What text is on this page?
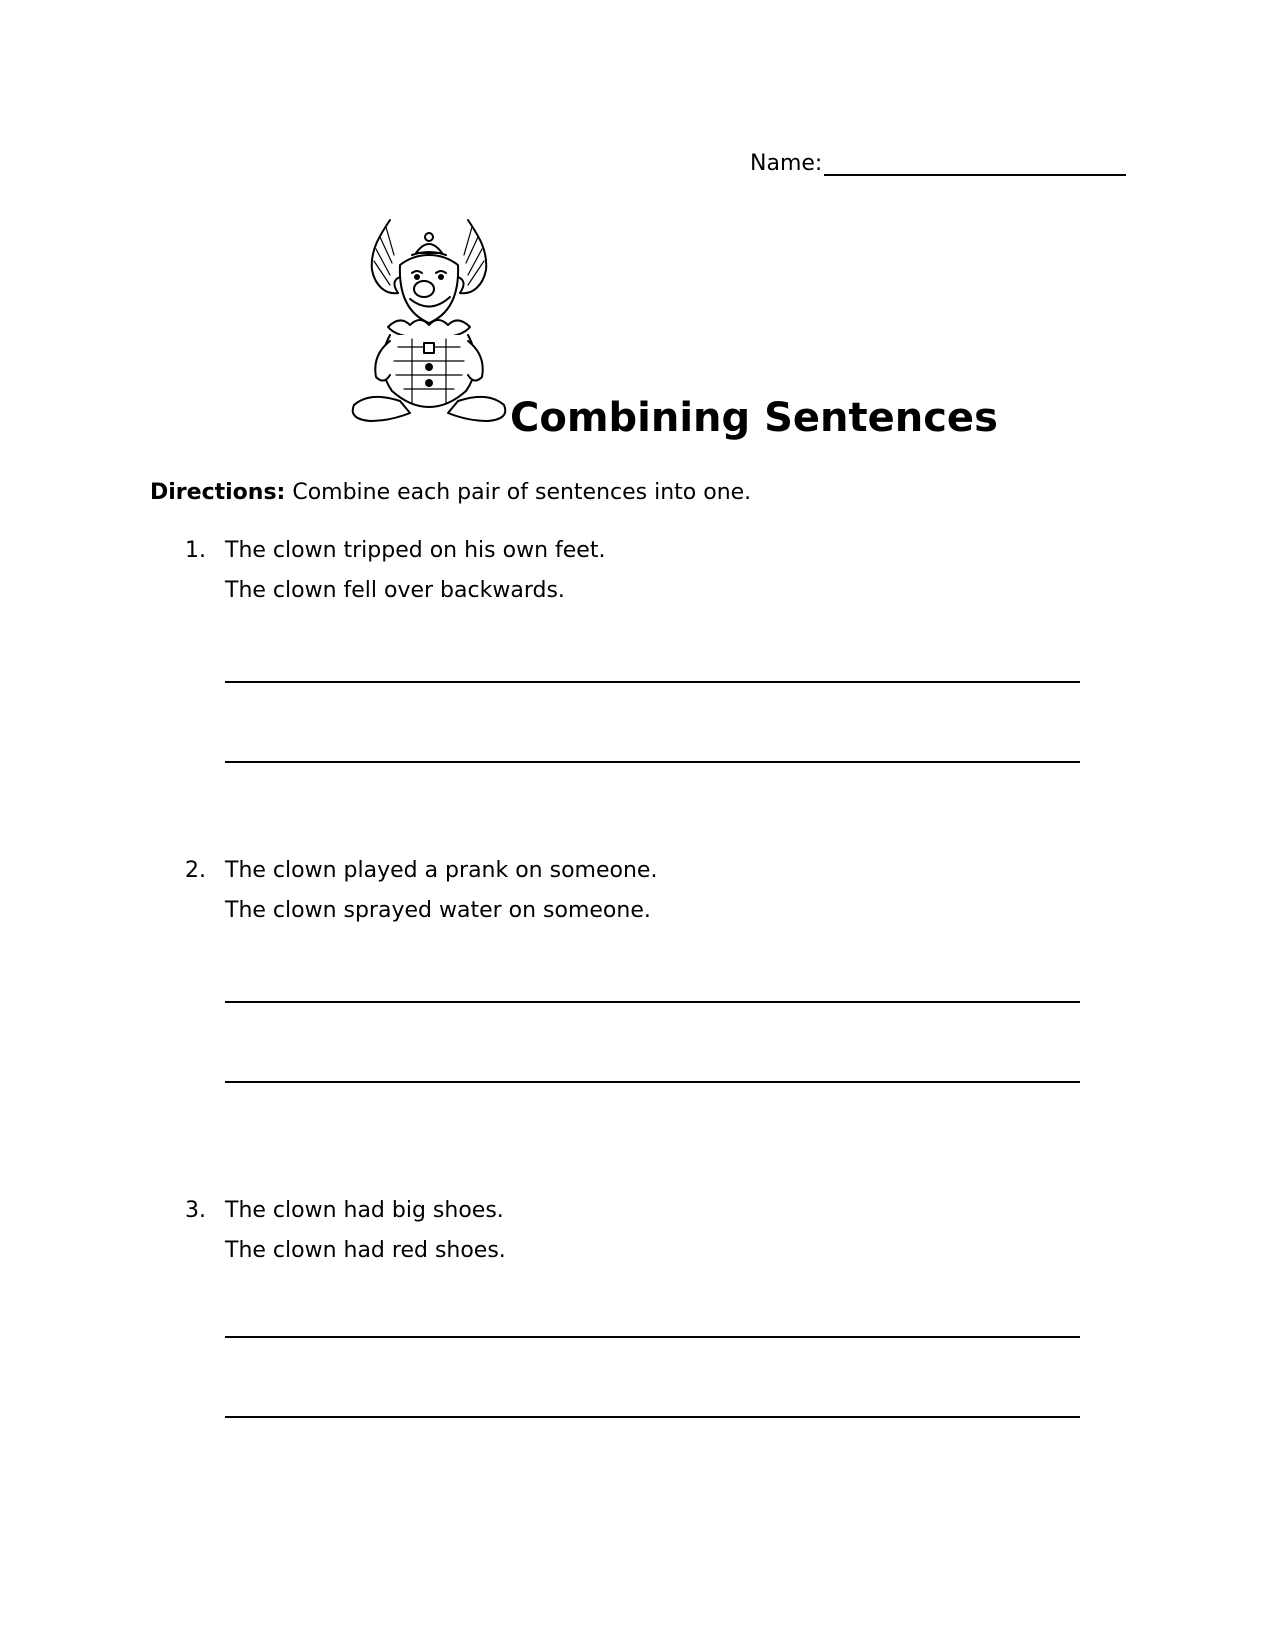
Name:
Combining Sentences
Directions: Combine each pair of sentences into one.
1. The clown tripped on his own feet.
The clown fell over backwards.
2. The clown played a prank on someone.
The clown sprayed water on someone.
3. The clown had big shoes.
The clown had red shoes.
